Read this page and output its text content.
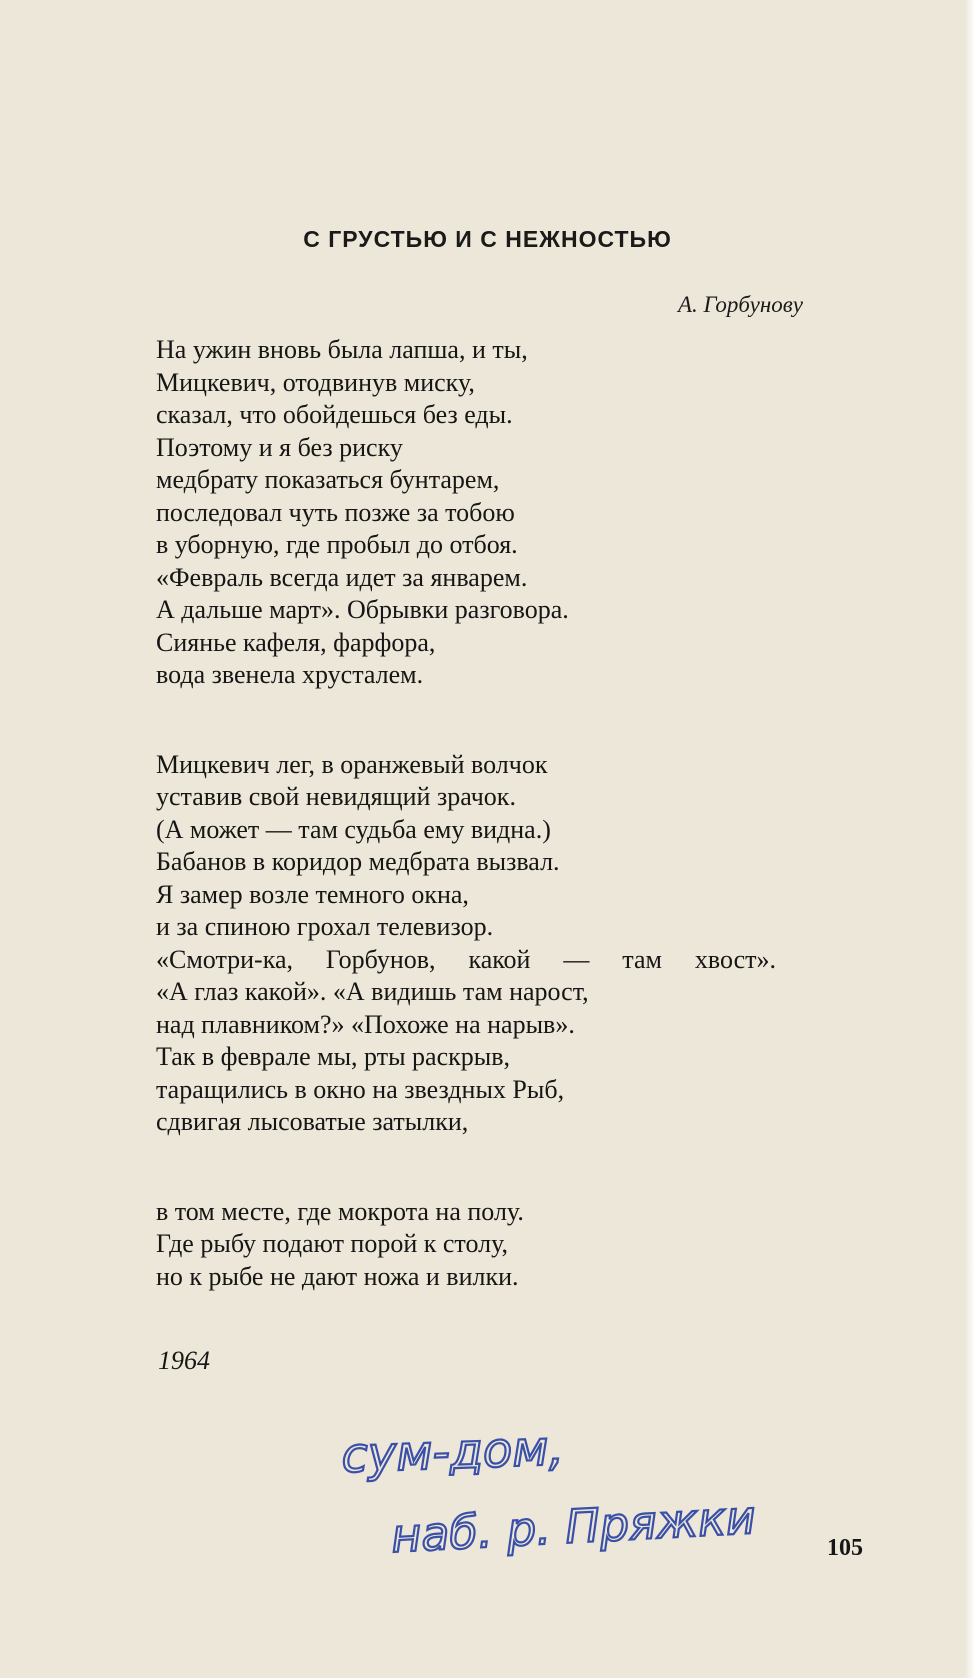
С ГРУСТЬЮ И С НЕЖНОСТЬЮ
А. Горбунову
На ужин вновь была лапша, и ты,
Мицкевич, отодвинув миску,
сказал, что обойдешься без еды.
Поэтому и я без риску
медбрату показаться бунтарем,
последовал чуть позже за тобою
в уборную, где пробыл до отбоя.
«Февраль всегда идет за январем.
А дальше март». Обрывки разговора.
Сиянье кафеля, фарфора,
вода звенела хрусталем.
Мицкевич лег, в оранжевый волчок
уставив свой невидящий зрачок.
(А может — там судьба ему видна.)
Бабанов в коридор медбрата вызвал.
Я замер возле темного окна,
и за спиною грохал телевизор.
«Смотри-ка, Горбунов, какой — там хвост».
«А глаз какой». «А видишь там нарост,
над плавником?» «Похоже на нарыв».
Так в феврале мы, рты раскрыв,
таращились в окно на звездных Рыб,
сдвигая лысоватые затылки,
в том месте, где мокрота на полу.
Где рыбу подают порой к столу,
но к рыбе не дают ножа и вилки.
1964
сум-дом,
наб. р. Пряжки	105
